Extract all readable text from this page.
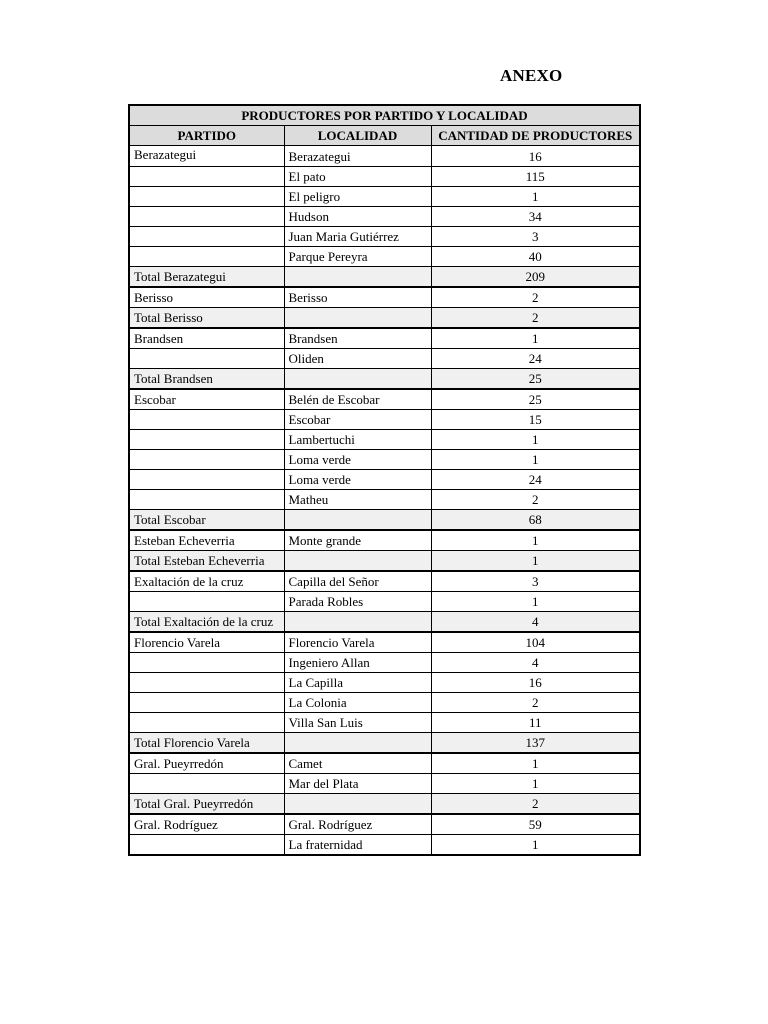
ANEXO
PRODUCTORES POR PARTIDO Y LOCALIDAD		
PARTIDO	LOCALIDAD	CANTIDAD DE PRODUCTORES
Berazategui	Berazategui	16
	El pato	115
	El peligro	1
	Hudson	34
	Juan Maria Gutiérrez	3
	Parque Pereyra	40
Total Berazategui		209
Berisso	Berisso	2
Total Berisso		2
Brandsen	Brandsen	1
	Oliden	24
Total Brandsen		25
Escobar	Belén de Escobar	25
	Escobar	15
	Lambertuchi	1
	Loma verde	1
	Loma verde	24
	Matheu	2
Total Escobar		68
Esteban Echeverria	Monte grande	1
Total Esteban Echeverria		1
Exaltación de la cruz	Capilla del Señor	3
	Parada Robles	1
Total Exaltación de la cruz		4
Florencio Varela	Florencio Varela	104
	Ingeniero Allan	4
	La Capilla	16
	La Colonia	2
	Villa San Luis	11
Total Florencio Varela		137
Gral. Pueyrredón	Camet	1
	Mar del Plata	1
Total Gral. Pueyrredón		2
Gral. Rodríguez	Gral. Rodríguez	59
	La fraternidad	1
